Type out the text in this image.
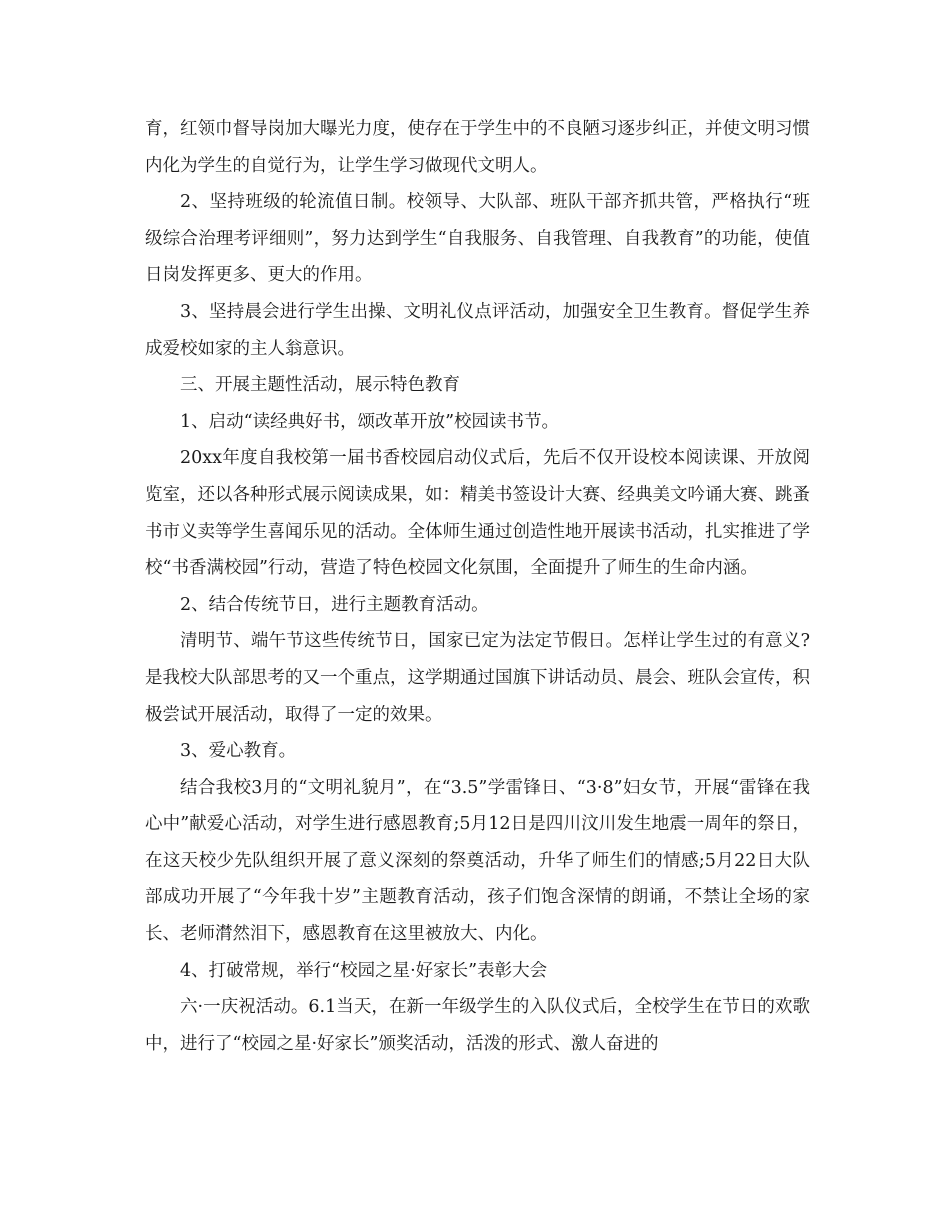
育，红领巾督导岗加大曝光力度，使存在于学生中的不良陋习逐步纠正，并使文明习惯内化为学生的自觉行为，让学生学习做现代文明人。

2、坚持班级的轮流值日制。校领导、大队部、班队干部齐抓共管，严格执行“班级综合治理考评细则”，努力达到学生“自我服务、自我管理、自我教育”的功能，使值日岗发挥更多、更大的作用。

3、坚持晨会进行学生出操、文明礼仪点评活动，加强安全卫生教育。督促学生养成爱校如家的主人翁意识。

三、开展主题性活动，展示特色教育

1、启动“读经典好书，颂改革开放”校园读书节。

20xx年度自我校第一届书香校园启动仪式后，先后不仅开设校本阅读课、开放阅览室，还以各种形式展示阅读成果，如：精美书签设计大赛、经典美文吟诵大赛、跳蚤书市义卖等学生喜闻乐见的活动。全体师生通过创造性地开展读书活动，扎实推进了学校“书香满校园”行动，营造了特色校园文化氛围，全面提升了师生的生命内涵。

2、结合传统节日，进行主题教育活动。

清明节、端午节这些传统节日，国家已定为法定节假日。怎样让学生过的有意义?是我校大队部思考的又一个重点，这学期通过国旗下讲话动员、晨会、班队会宣传，积极尝试开展活动，取得了一定的效果。

3、爱心教育。

结合我校3月的“文明礼貌月”，在“3.5”学雷锋日、“3·8”妇女节，开展“雷锋在我心中”献爱心活动，对学生进行感恩教育;5月12日是四川汶川发生地震一周年的祭日，在这天校少先队组织开展了意义深刻的祭奠活动，升华了师生们的情感;5月22日大队部成功开展了“今年我十岁”主题教育活动，孩子们饱含深情的朗诵，不禁让全场的家长、老师潸然泪下，感恩教育在这里被放大、内化。

4、打破常规，举行“校园之星·好家长”表彰大会

六·一庆祝活动。6.1当天，在新一年级学生的入队仪式后，全校学生在节日的欢歌中，进行了“校园之星·好家长”颁奖活动，活泼的形式、激人奋进的
